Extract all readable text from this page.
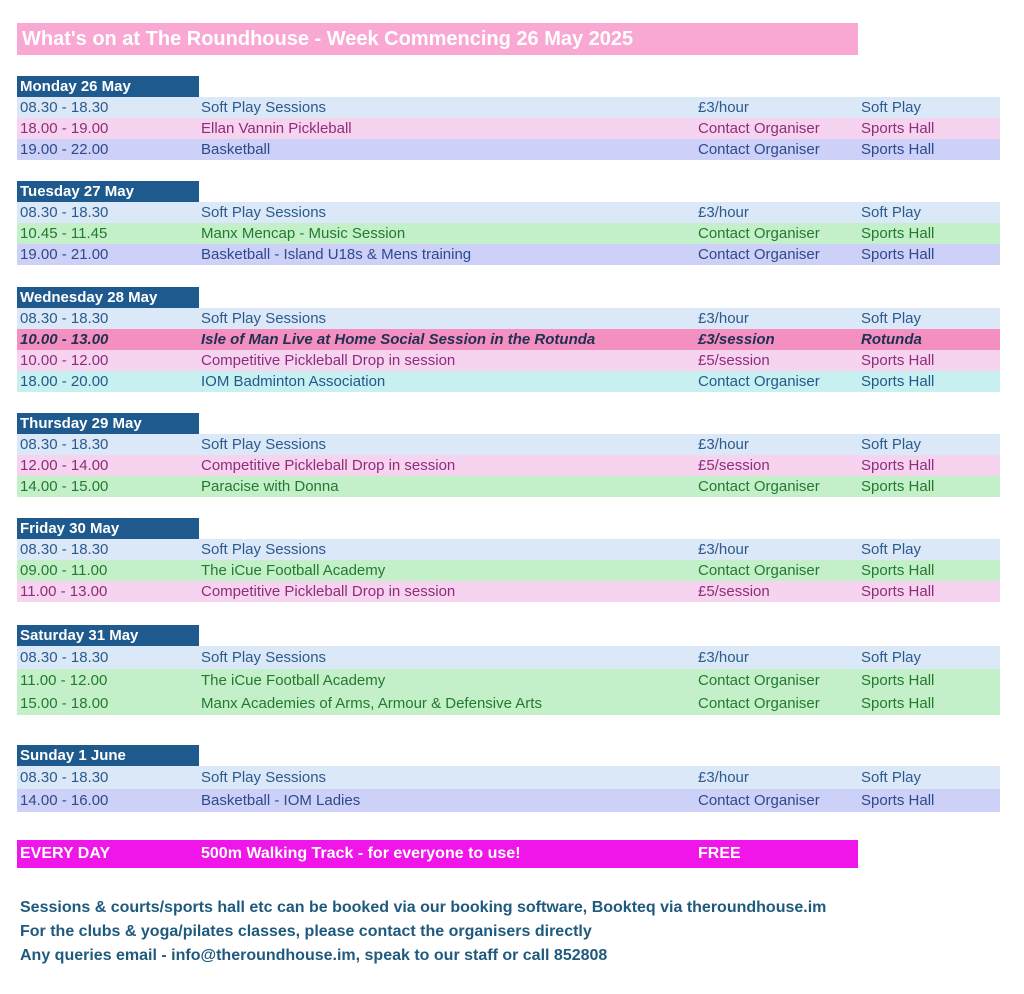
What's on at The Roundhouse - Week Commencing 26 May 2025
Monday 26 May
08.30 - 18.30	Soft Play Sessions	£3/hour	Soft Play
18.00 - 19.00	Ellan Vannin Pickleball	Contact Organiser	Sports Hall
19.00 - 22.00	Basketball	Contact Organiser	Sports Hall
Tuesday 27 May
08.30 - 18.30	Soft Play Sessions	£3/hour	Soft Play
10.45 - 11.45	Manx Mencap - Music Session	Contact Organiser	Sports Hall
19.00 - 21.00	Basketball - Island U18s & Mens training	Contact Organiser	Sports Hall
Wednesday 28 May
08.30 - 18.30	Soft Play Sessions	£3/hour	Soft Play
10.00 - 13.00	Isle of Man Live at Home Social Session in the Rotunda	£3/session	Rotunda
10.00 - 12.00	Competitive Pickleball Drop in session	£5/session	Sports Hall
18.00 - 20.00	IOM Badminton Association	Contact Organiser	Sports Hall
Thursday 29 May
08.30 - 18.30	Soft Play Sessions	£3/hour	Soft Play
12.00 - 14.00	Competitive Pickleball Drop in session	£5/session	Sports Hall
14.00 - 15.00	Paracise with Donna	Contact Organiser	Sports Hall
Friday 30 May
08.30 - 18.30	Soft Play Sessions	£3/hour	Soft Play
09.00 - 11.00	The iCue Football Academy	Contact Organiser	Sports Hall
11.00 - 13.00	Competitive Pickleball Drop in session	£5/session	Sports Hall
Saturday 31 May
08.30 - 18.30	Soft Play Sessions	£3/hour	Soft Play
11.00 - 12.00	The iCue Football Academy	Contact Organiser	Sports Hall
15.00 - 18.00	Manx Academies of Arms, Armour & Defensive Arts	Contact Organiser	Sports Hall
Sunday 1 June
08.30 - 18.30	Soft Play Sessions	£3/hour	Soft Play
14.00 - 16.00	Basketball - IOM Ladies	Contact Organiser	Sports Hall
EVERY DAY	500m Walking Track - for everyone to use!	FREE
Sessions & courts/sports hall etc can be booked via our booking software, Bookteq via theroundhouse.im
For the clubs & yoga/pilates classes, please contact the organisers directly
Any queries email - info@theroundhouse.im, speak to our staff or call 852808
